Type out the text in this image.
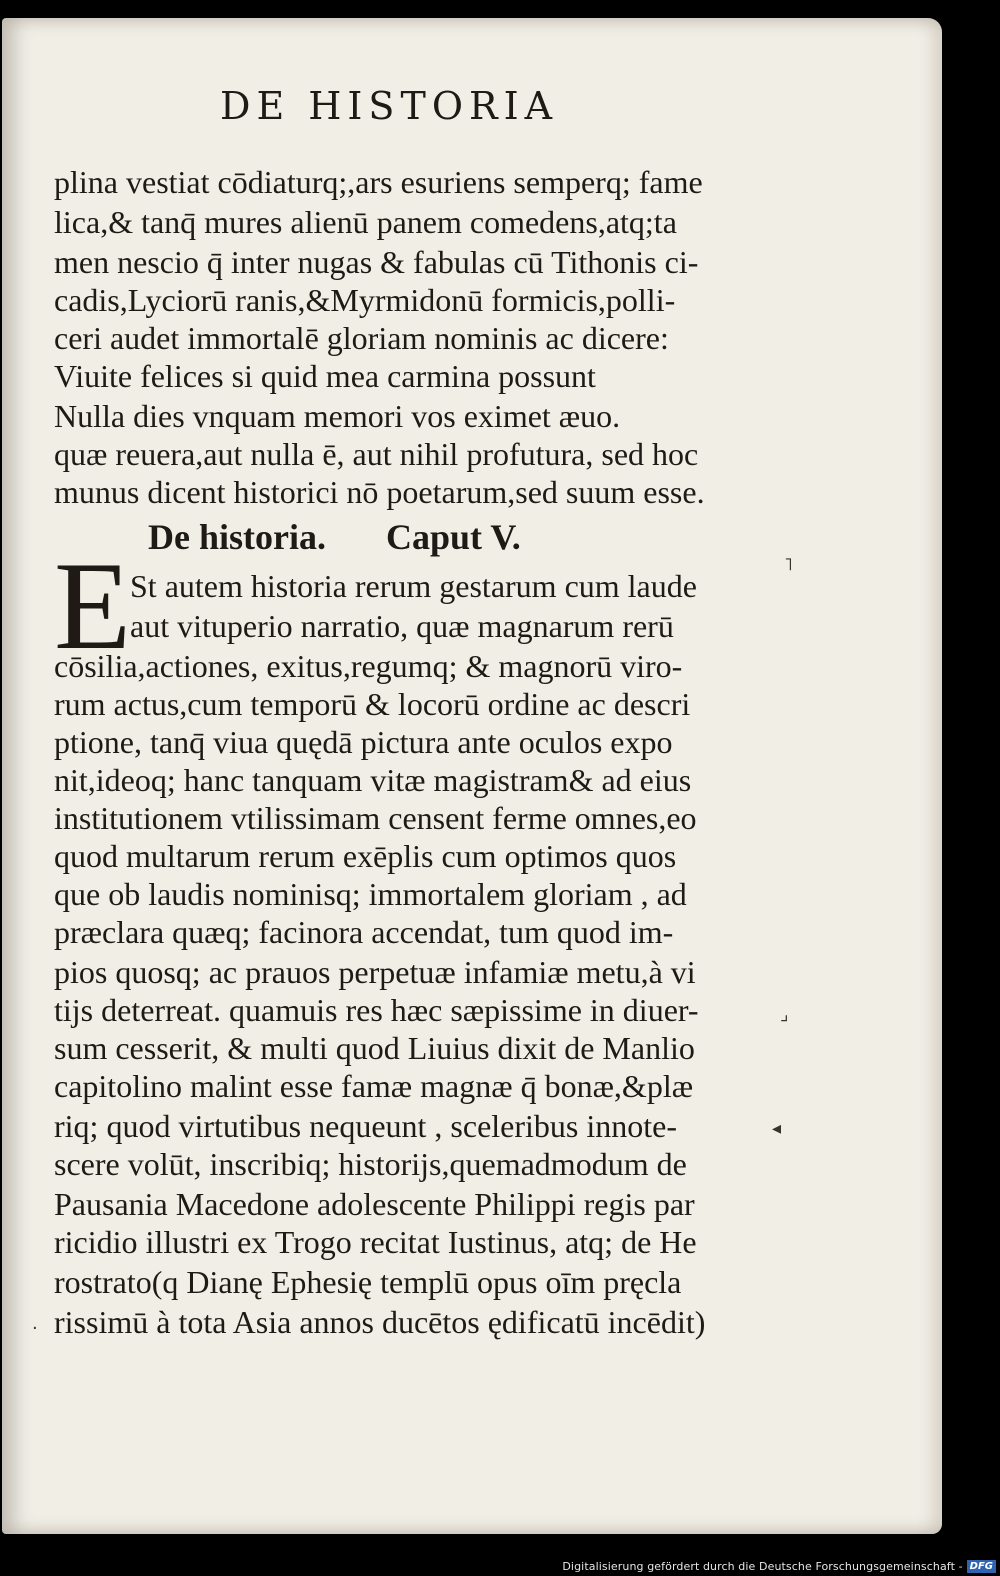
DE HISTORIA

plina vestiat cōdiaturq;,ars esuriens semperq; fame

lica,& tanq̄ mures alienū panem comedens,atq;ta

men nescio q̄ inter nugas & fabulas cū Tithonis ci-

cadis,Lyciorū ranis,&Myrmidonū formicis,polli-

ceri audet immortalē gloriam nominis ac dicere:

Viuite felices si quid mea carmina possunt

Nulla dies vnquam memori vos eximet æuo.

quæ reuera,aut nulla ē, aut nihil profutura, sed hoc

munus dicent historici nō poetarum,sed suum esse.

De historia. Caput V.
˥

E St autem historia rerum gestarum cum laude

aut vituperio narratio, quæ magnarum rerū

cōsilia,actiones, exitus,regumq; & magnorū viro-

rum actus,cum temporū & locorū ordine ac descri

ptione, tanq̄ viua quędā pictura ante oculos expo

nit,ideoq; hanc tanquam vitæ magistram& ad eius

institutionem vtilissimam censent ferme omnes,eo

quod multarum rerum exēplis cum optimos quos

que ob laudis nominisq; immortalem gloriam , ad

præclara quæq; facinora accendat, tum quod im-

pios quosq; ac prauos perpetuæ infamiæ metu,à vi

tijs deterreat. quamuis res hæc sæpissime in diuer-

sum cesserit, & multi quod Liuius dixit de Manlio

capitolino malint esse famæ magnæ q̄ bonæ,&plæ

riq; quod virtutibus nequeunt , sceleribus innote-

scere volūt, inscribiq; historijs,quemadmodum de

Pausania Macedone adolescente Philippi regis par

ricidio illustri ex Trogo recitat Iustinus, atq; de He

rostrato(q Dianę Ephesię templū opus oīm pręcla

rissimū à tota Asia annos ducētos ędificatū incēdit)

⌟
◂
·
Digitalisierung gefördert durch die Deutsche Forschungsgemeinschaft - DFG
